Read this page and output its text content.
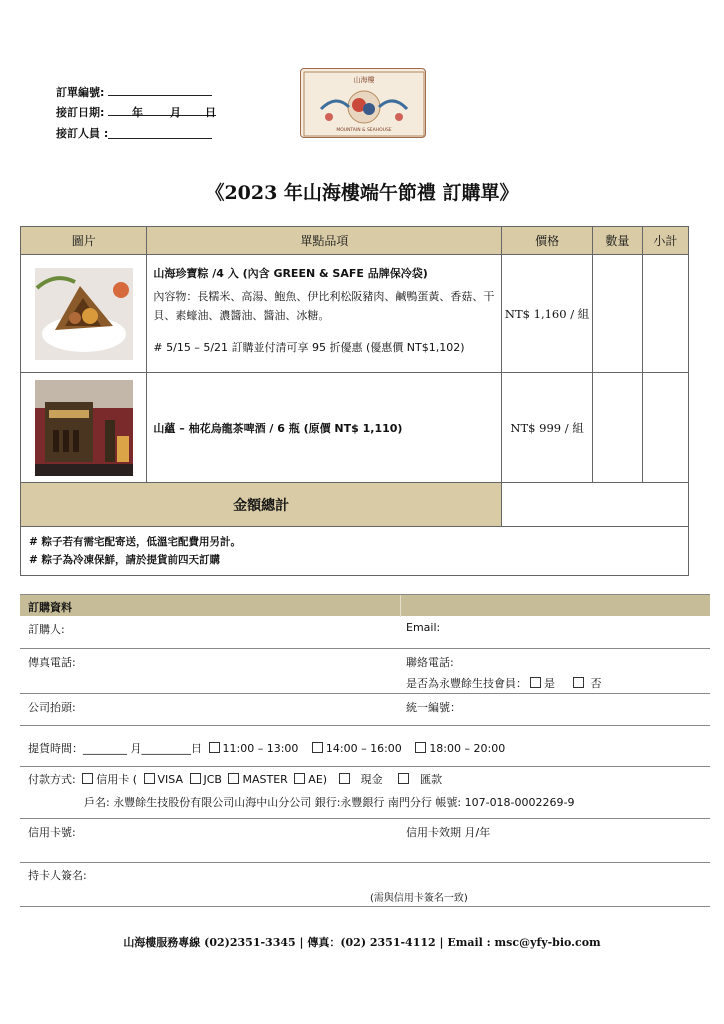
訂單編號:
接訂日期:	年 月 日
接訂人員 :
山海樓
MOUNTAIN & SEAHOUSE
《2023 年山海樓端午節禮 訂購單》
圖片	單點品項	價格	數量	小計

山海珍寶粽 /4 入 (內含 GREEN & SAFE 品牌保冷袋)
內容物：長糯米、高湯、鮑魚、伊比利松阪豬肉、鹹鴨蛋黃、香菇、干貝、素蠔油、濃醬油、醬油、冰糖。
# 5/15 – 5/21 訂購並付清可享 95 折優惠 (優惠價 NT$1,102)	NT$ 1,160 / 組		

山蘊 – 柚花烏龍茶啤酒 / 6 瓶 (原價 NT$ 1,110)	NT$ 999 / 組		
金額總計				

# 粽子若有需宅配寄送，低溫宅配費用另計。
# 粽子為冷凍保鮮，請於提貨前四天訂購				
訂購資料
訂購人:	Email:
傳真電話:	聯絡電話:
是否為永豐餘生技會員： 是	否
公司抬頭:	統一編號：
提貨時間：________ 月_________日 11:00 – 13:00	14:00 – 16:00	18:00 – 20:00
付款方式: 信用卡 ( VISA JCB MASTER AE)	現金	匯款
戶名: 永豐餘生技股份有限公司山海中山分公司 銀行:永豐銀行 南門分行 帳號: 107-018-0002269-9
信用卡號:	信用卡效期 月/年
持卡人簽名:
(需與信用卡簽名一致)
山海樓服務專線 (02)2351-3345 | 傳真：(02) 2351-4112 | Email : msc@yfy-bio.com
